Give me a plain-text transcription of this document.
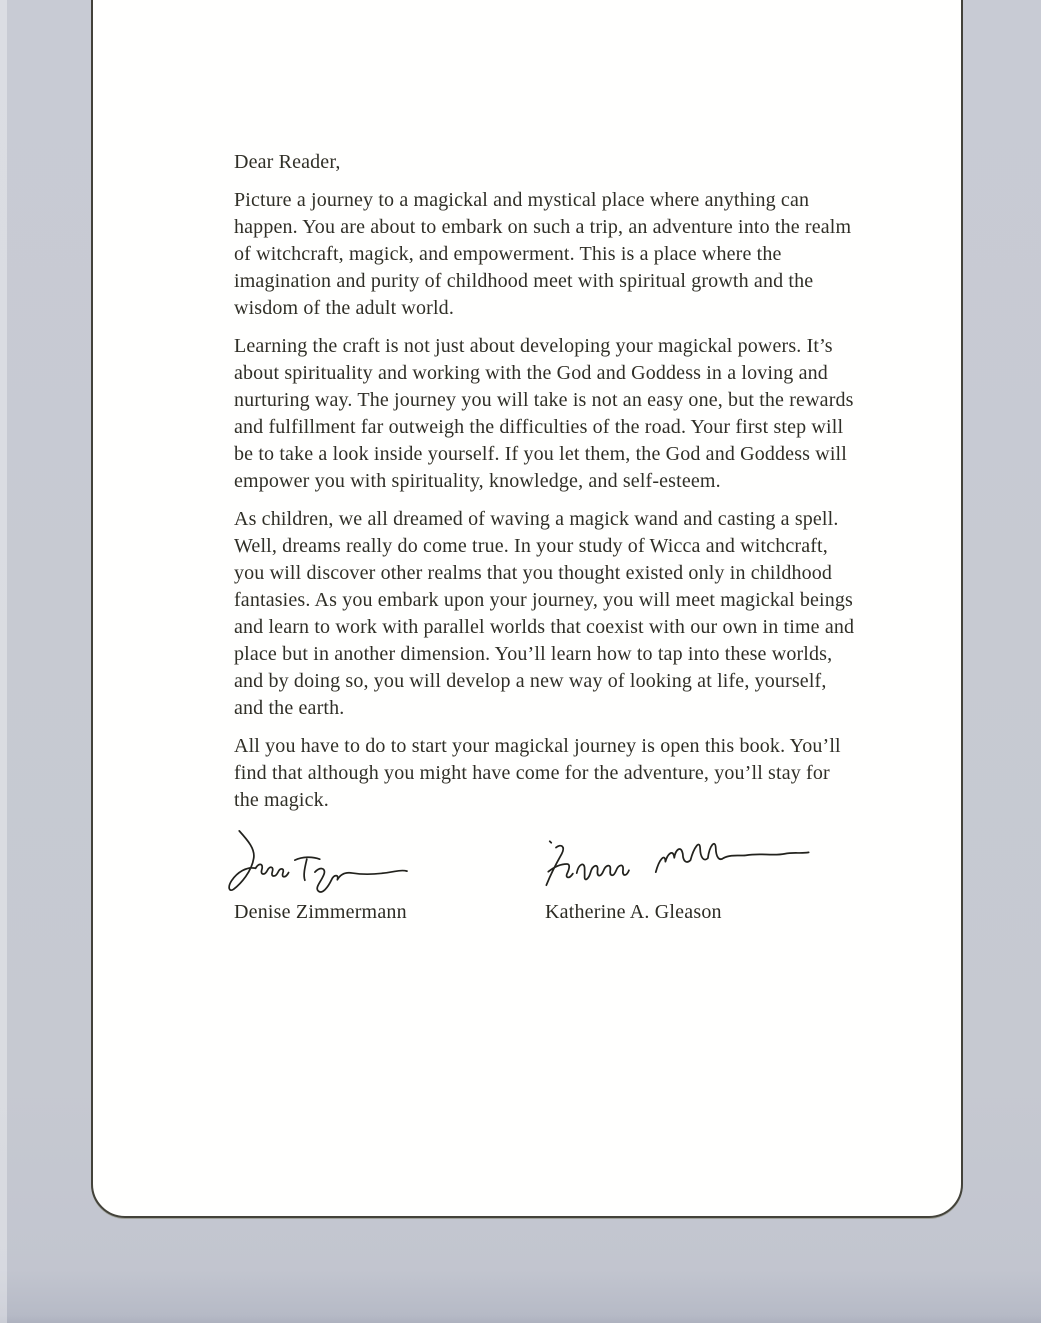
Dear Reader,

Picture a journey to a magickal and mystical place where anything can happen. You are about to embark on such a trip, an adventure into the realm of witchcraft, magick, and empowerment. This is a place where the imagination and purity of childhood meet with spiritual growth and the wisdom of the adult world.

Learning the craft is not just about developing your magickal powers. It’s about spirituality and working with the God and Goddess in a loving and nurturing way. The journey you will take is not an easy one, but the rewards and fulfillment far outweigh the difficulties of the road. Your first step will be to take a look inside yourself. If you let them, the God and Goddess will empower you with spirituality, knowledge, and self-esteem.

As children, we all dreamed of waving a magick wand and casting a spell. Well, dreams really do come true. In your study of Wicca and witchcraft, you will discover other realms that you thought existed only in childhood fantasies. As you embark upon your journey, you will meet magickal beings and learn to work with parallel worlds that coexist with our own in time and place but in another dimension. You’ll learn how to tap into these worlds, and by doing so, you will develop a new way of looking at life, yourself, and the earth.

All you have to do to start your magickal journey is open this book. You’ll find that although you might have come for the adventure, you’ll stay for the magick.

Denise Zimmermann	Katherine A. Gleason
